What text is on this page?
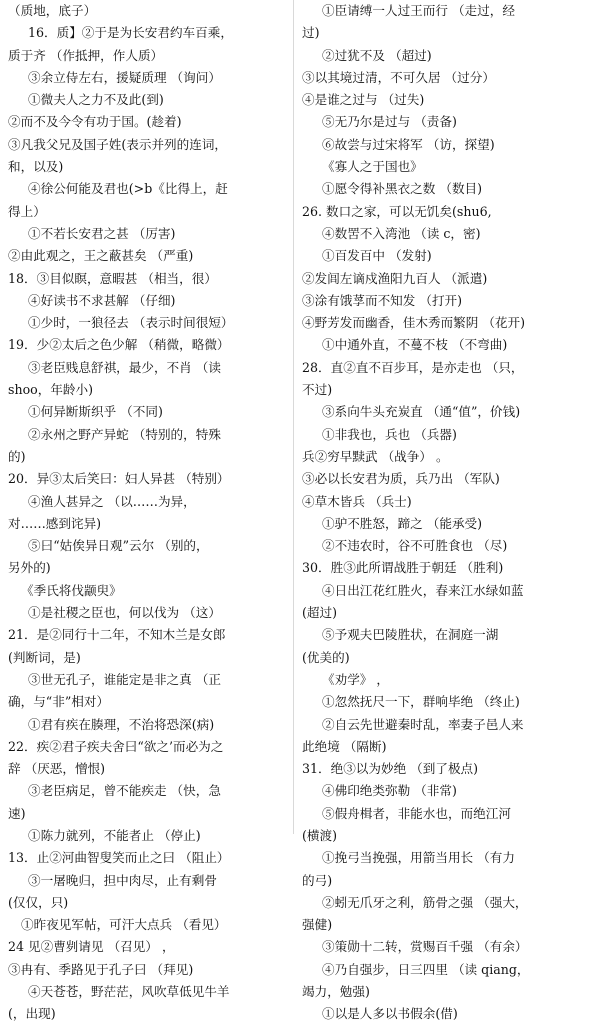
（质地，底子）
16．质】②于是为长安君约车百乘，
质于齐 （作抵押，作人质）
③余立侍左右，援疑质理 （询问）
①微夫人之力不及此(到)
②而不及今令有功于国。(趁着)
③凡我父兄及国子姓(表示并列的连词，
和，以及)
④徐公何能及君也(>b《比得上，赶
得上）
①不若长安君之甚 （厉害)
②由此观之，王之蔽甚矣 （严重)
18．③目似瞑，意暇甚 （相当，很）
④好读书不求甚解 （仔细)
①少时，一狼径去 （表示时间很短）
19．少②太后之色少解 （稍微，略微）
③老臣贱息舒祺，最少，不肖 （读
shoo，年龄小)
①何异断斯织乎 （不同)
②永州之野产异蛇 （特别的，特殊
的)
20．异③太后笑曰：妇人异甚 （特别）
④渔人甚异之 （以……为异，
对……感到诧异)
⑤曰“姑俟异日观”云尔 （别的，
另外的)
《季氏将伐颛臾》
①是社稷之臣也，何以伐为 （这）
21．是②同行十二年，不知木兰是女郎
(判断词，是)
③世无孔子，谁能定是非之真 （正
确，与“非”相对）
①君有疾在腠理，不治将恐深(病)
22．疾②君子疾夫舍曰“欲之’而必为之
辞 （厌恶，憎恨)
③老臣病足，曾不能疾走 （快，急
速)
①陈力就列，不能者止 （停止)
13．止②河曲智叟笑而止之曰 （阻止）
③一屠晚归，担中肉尽，止有剩骨
(仅仅，只)
①昨夜见军帖，可汗大点兵 （看见）
24 见②曹刿请见 （召见） ，
③冉有、季路见于孔子曰 （拜见)
④天苍苍，野茫茫，风吹草低见牛羊
(，出现)
①臣请缚一人过王而行 （走过，经
过)
②过犹不及 （超过)
③以其境过清，不可久居 （过分）
④是谁之过与 （过失)
⑤无乃尔是过与 （责备)
⑥故尝与过宋将军 （访，探望)
《寡人之于国也》
①愿令得补黑衣之数 （数目)
26. 数口之家，可以无饥矣(shu6,
④数罟不入湾池 （读 c，密)
①百发百中 （发射)
②发闾左谪戍渔阳九百人 （派遣)
③涂有饿莩而不知发 （打开)
④野芳发而幽香，佳木秀而繁阴 （花开)
①中通外直，不蔓不枝 （不弯曲)
28．直②直不百步耳，是亦走也 （只，
不过)
③系向牛头充炭直 （通“值”，价钱)
①非我也，兵也 （兵器)
兵②穷早黩武 （战争） 。
③必以长安君为质，兵乃出 （军队)
④草木皆兵 （兵士)
①驴不胜怒，蹄之 （能承受)
②不违农时，谷不可胜食也 （尽)
30．胜③此所谓战胜于朝廷 （胜利)
④日出江花红胜火，春来江水绿如蓝
(超过)
⑤予观夫巴陵胜状，在洞庭一湖
(优美的)
《劝学》 ，
①忽然抚尺一下，群响毕绝 （终止)
②自云先世避秦时乱，率妻子邑人来
此绝境 （隔断)
31．绝③以为妙绝 （到了极点)
④佛印绝类弥勒 （非常)
⑤假舟楫者，非能水也，而绝江河
(横渡)
①挽弓当挽强，用箭当用长 （有力
的弓)
②蚓无爪牙之利，筋骨之强 （强大，
强健)
③策勋十二转，赏赐百千强 （有余）
④乃自强步，日三四里 （读 qiang，
竭力，勉强)
①以是人多以书假余(借)
